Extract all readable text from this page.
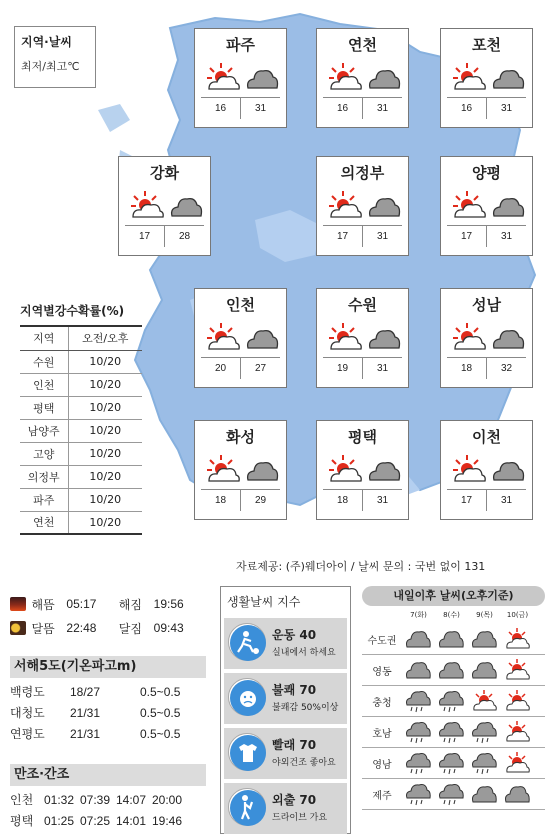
지역·날씨
최저/최고℃
파주
16	31
연천
16	31
포천
16	31
강화
17	28
의정부
17	31
양평
17	31
인천
20	27
수원
19	31
성남
18	32
화성
18	29
평택
18	31
이천
17	31
지역별강수확률(%)
지역	오전/오후
수원	10/20
인천	10/20
평택	10/20
남양주	10/20
고양	10/20
의정부	10/20
파주	10/20
연천	10/20
자료제공: (주)웨더아이 / 날씨 문의 : 국번 없이 131
해뜸 05:17	해짐 19:56
달뜸 22:48	달짐 09:43
서해5도(기온파고m)
백령도	18/27	0.5~0.5
대청도	21/31	0.5~0.5
연평도	21/31	0.5~0.5
만조·간조
인천 01:32 07:39 14:07 20:00
평택 01:25 07:25 14:01 19:46
생활날씨 지수
운동 40
실내에서 하세요
불쾌 70
불쾌감 50%이상
빨래 70
야외건조 좋아요
외출 70
드라이브 가요
내일이후 날씨(오후기준)
7(화)	8(수)	9(목)	10(금)
수도권
영동
충청
호남
영남
제주
